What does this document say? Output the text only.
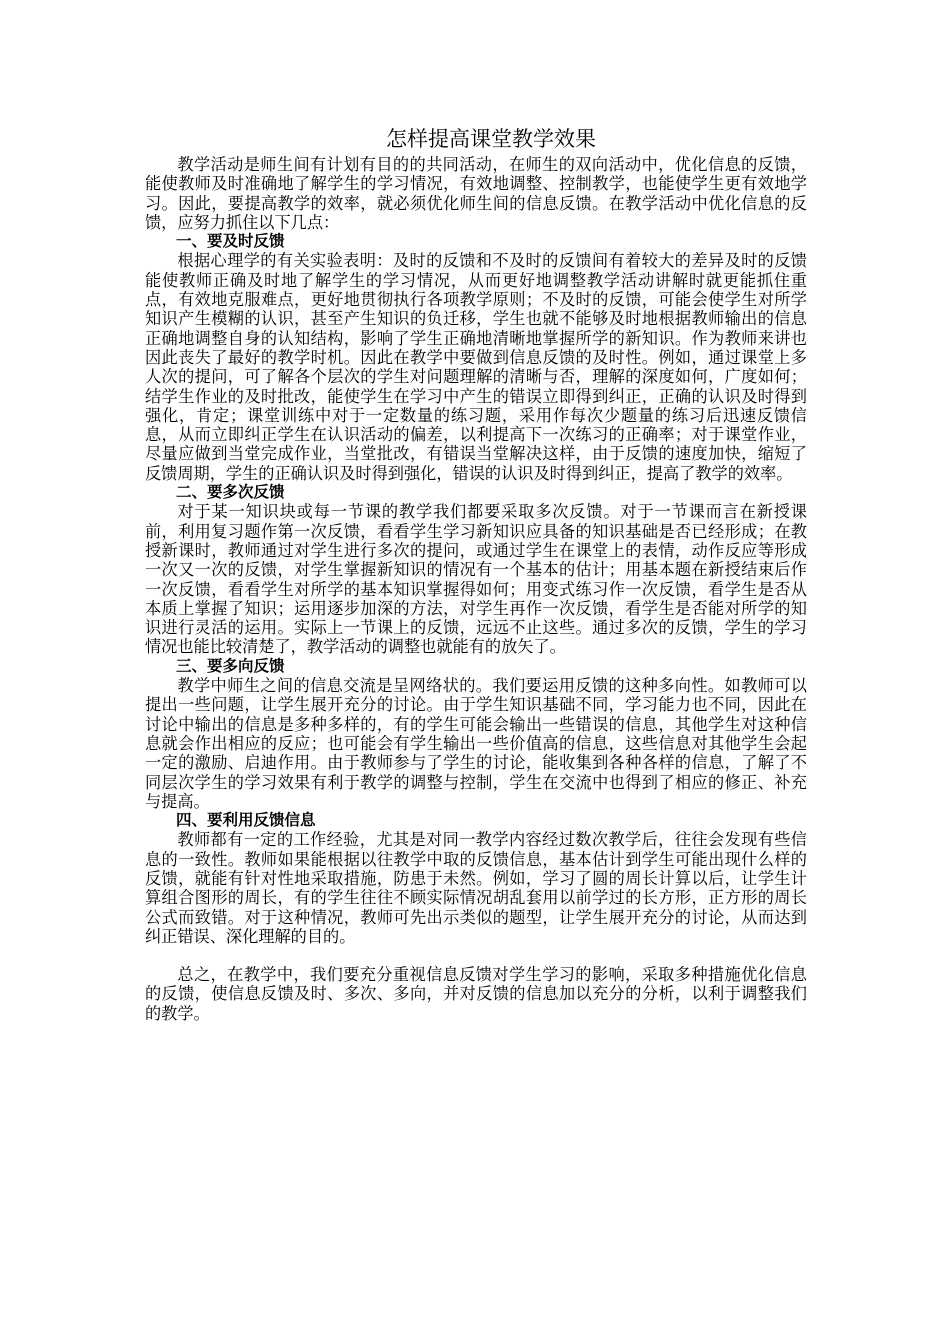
怎样提高课堂教学效果

教学活动是师生间有计划有目的的共同活动，在师生的双向活动中，优化信息的反馈，能使教师及时准确地了解学生的学习情况，有效地调整、控制教学，也能使学生更有效地学习。因此，要提高教学的效率，就必须优化师生间的信息反馈。在教学活动中优化信息的反馈，应努力抓住以下几点：

一、要及时反馈

根据心理学的有关实验表明：及时的反馈和不及时的反馈间有着较大的差异及时的反馈能使教师正确及时地了解学生的学习情况，从而更好地调整教学活动讲解时就更能抓住重点，有效地克服难点，更好地贯彻执行各项教学原则；不及时的反馈，可能会使学生对所学知识产生模糊的认识，甚至产生知识的负迁移，学生也就不能够及时地根据教师输出的信息正确地调整自身的认知结构，影响了学生正确地清晰地掌握所学的新知识。作为教师来讲也因此丧失了最好的教学时机。因此在教学中要做到信息反馈的及时性。例如，通过课堂上多人次的提问，可了解各个层次的学生对问题理解的清晰与否，理解的深度如何，广度如何；结学生作业的及时批改，能使学生在学习中产生的错误立即得到纠正，正确的认识及时得到强化，肯定；课堂训练中对于一定数量的练习题，采用作每次少题量的练习后迅速反馈信息，从而立即纠正学生在认识活动的偏差，以利提高下一次练习的正确率；对于课堂作业，尽量应做到当堂完成作业，当堂批改，有错误当堂解决这样，由于反馈的速度加快，缩短了反馈周期，学生的正确认识及时得到强化，错误的认识及时得到纠正，提高了教学的效率。

二、要多次反馈

对于某一知识块或每一节课的教学我们都要采取多次反馈。对于一节课而言在新授课前，利用复习题作第一次反馈，看看学生学习新知识应具备的知识基础是否已经形成；在教授新课时，教师通过对学生进行多次的提问，或通过学生在课堂上的表情，动作反应等形成一次又一次的反馈，对学生掌握新知识的情况有一个基本的估计；用基本题在新授结束后作一次反馈，看看学生对所学的基本知识掌握得如何；用变式练习作一次反馈，看学生是否从本质上掌握了知识；运用逐步加深的方法，对学生再作一次反馈，看学生是否能对所学的知识进行灵活的运用。实际上一节课上的反馈，远远不止这些。通过多次的反馈，学生的学习情况也能比较清楚了，教学活动的调整也就能有的放矢了。

三、要多向反馈

教学中师生之间的信息交流是呈网络状的。我们要运用反馈的这种多向性。如教师可以提出一些问题，让学生展开充分的讨论。由于学生知识基础不同，学习能力也不同，因此在讨论中输出的信息是多种多样的，有的学生可能会输出一些错误的信息，其他学生对这种信息就会作出相应的反应；也可能会有学生输出一些价值高的信息，这些信息对其他学生会起一定的激励、启迪作用。由于教师参与了学生的讨论，能收集到各种各样的信息，了解了不同层次学生的学习效果有利于教学的调整与控制，学生在交流中也得到了相应的修正、补充与提高。

四、要利用反馈信息

教师都有一定的工作经验，尤其是对同一教学内容经过数次教学后，往往会发现有些信息的一致性。教师如果能根据以往教学中取的反馈信息，基本估计到学生可能出现什么样的反馈，就能有针对性地采取措施，防患于未然。例如，学习了圆的周长计算以后，让学生计算组合图形的周长，有的学生往往不顾实际情况胡乱套用以前学过的长方形，正方形的周长公式而致错。对于这种情况，教师可先出示类似的题型，让学生展开充分的讨论，从而达到纠正错误、深化理解的目的。

总之，在教学中，我们要充分重视信息反馈对学生学习的影响，采取多种措施优化信息的反馈，使信息反馈及时、多次、多向，并对反馈的信息加以充分的分析，以利于调整我们的教学。
